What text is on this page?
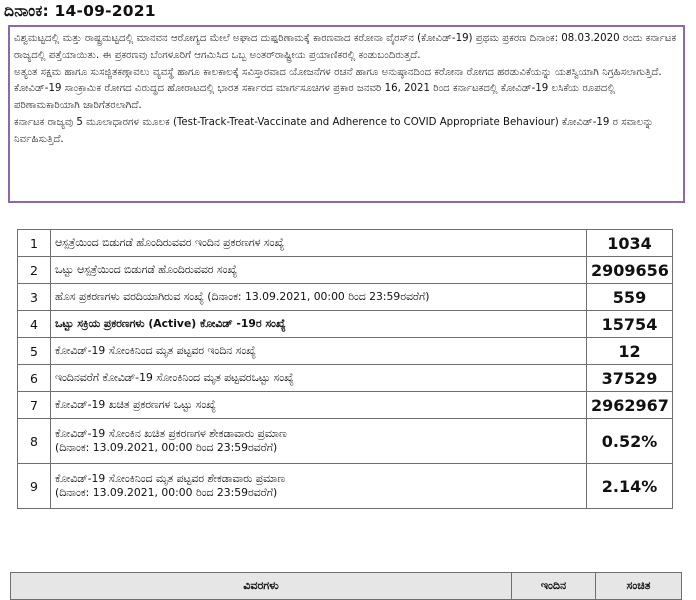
ದಿನಾಂಕ: 14-09-2021

ವಿಶ್ವಮಟ್ಟದಲ್ಲಿ ಮತ್ತು ರಾಷ್ಟ್ರಮಟ್ಟದಲ್ಲಿ ಮಾನವನ ಆರೋಗ್ಯದ ಮೇಲೆ ಅಘಾದ ದುಷ್ಪರಿಣಾಮಕ್ಕೆ ಕಾರಣವಾದ ಕರೋನಾ ವೈರಸ್‌ನ (ಕೋವಿಡ್-19) ಪ್ರಥಮ ಪ್ರಕರಣ ದಿನಾಂಕ: 08.03.2020 ರಂದು ಕರ್ನಾಟಕ ರಾಜ್ಯದಲ್ಲಿ ಪತ್ತೆಯಾಯಿತು. ಈ ಪ್ರಕರಣವು ಬೆಂಗಳೂರಿಗೆ ಆಗಮಿಸಿದ ಒಬ್ಬ ಅಂತರ್‌ರಾಷ್ಟ್ರೀಯ ಪ್ರಯಾಣಿಕರಲ್ಲಿ ಕಂಡುಬಂದಿರುತ್ತದೆ.

ಅತ್ಯಂತ ಸಕ್ಷಮ ಹಾಗೂ ಸುಸಜ್ಜಿತಕಣ್ಗಾವಲು ವ್ಯವಸ್ಥೆ ಹಾಗೂ ಕಾಲಕಾಲಕ್ಕೆ ಸವಿಸ್ತಾರವಾದ ಯೋಜನೆಗಳ ರಚನೆ ಹಾಗೂ ಅನುಷ್ಠಾನದಿಂದ ಕರೋನಾ ರೋಗದ ಹರಡುವಿಕೆಯನ್ನು ಯಶಸ್ವಿಯಾಗಿ ನಿಗ್ರಹಿಸಲಾಗುತ್ತಿದೆ.

ಕೋವಿಡ್-19 ಸಾಂಕ್ರಾಮಿಕ ರೋಗದ ವಿರುದ್ಧದ ಹೋರಾಟದಲ್ಲಿ ಭಾರತ ಸರ್ಕಾರದ ಮಾರ್ಗಸೂಚಿಗಳ ಪ್ರಕಾರ ಜನವರಿ 16, 2021 ರಿಂದ ಕರ್ನಾಟಕದಲ್ಲಿ ಕೋವಿಡ್-19 ಲಸಿಕೆಯ ರೂಪದಲ್ಲಿ ಪರಿಣಾಮಕಾರಿಯಾಗಿ ಜಾರಿಗೆತರಲಾಗಿದೆ.

ಕರ್ನಾಟಕ ರಾಜ್ಯವು 5 ಮೂಲಾಧಾರಗಳ ಮೂಲಕ (Test-Track-Treat-Vaccinate and Adherence to COVID Appropriate Behaviour) ಕೋವಿಡ್-19 ರ ಸವಾಲನ್ನು ನಿರ್ವಹಿಸುತ್ತಿದೆ.

1	ಆಸ್ಪತ್ರೆಯಿಂದ ಬಿಡುಗಡೆ ಹೊಂದಿರುವವರ ಇಂದಿನ ಪ್ರಕರಣಗಳ ಸಂಖ್ಯೆ	1034
2	ಒಟ್ಟು ಆಸ್ಪತ್ರೆಯಿಂದ ಬಿಡುಗಡೆ ಹೊಂದಿರುವವರ ಸಂಖ್ಯೆ	2909656
3	ಹೊಸ ಪ್ರಕರಣಗಳು ವರದಿಯಾಗಿರುವ ಸಂಖ್ಯೆ (ದಿನಾಂಕ: 13.09.2021, 00:00 ರಿಂದ 23:59ರವರೆಗೆ)	559
4	ಒಟ್ಟು ಸಕ್ರಿಯ ಪ್ರಕರಣಗಳು (Active) ಕೋವಿಡ್ -19ರ ಸಂಖ್ಯೆ	15754
5	ಕೋವಿಡ್-19 ಸೋಂಕಿನಿಂದ ಮೃತ ಪಟ್ಟವರ ಇಂದಿನ ಸಂಖ್ಯೆ	12
6	ಇಂದಿನವರೆಗೆ ಕೋವಿಡ್-19 ಸೋಂಕಿನಿಂದ ಮೃತ ಪಟ್ಟವರಒಟ್ಟು ಸಂಖ್ಯೆ	37529
7	ಕೋವಿಡ್-19 ಖಚಿತ ಪ್ರಕರಣಗಳ ಒಟ್ಟು ಸಂಖ್ಯೆ	2962967
8	ಕೋವಿಡ್-19 ಸೋಂಕಿನ ಖಚಿತ ಪ್ರಕರಣಗಳ ಶೇಕಡಾವಾರು ಪ್ರಮಾಣ
(ದಿನಾಂಕ: 13.09.2021, 00:00 ರಿಂದ 23:59ರವರೆಗೆ)	0.52%
9	ಕೋವಿಡ್-19 ಸೋಂಕಿನಿಂದ ಮೃತ ಪಟ್ಟವರ ಶೇಕಡಾವಾರು ಪ್ರಮಾಣ
(ದಿನಾಂಕ: 13.09.2021, 00:00 ರಿಂದ 23:59ರವರೆಗೆ)	2.14%
ವಿವರಗಳು	ಇಂದಿನ	ಸಂಚಿತ
